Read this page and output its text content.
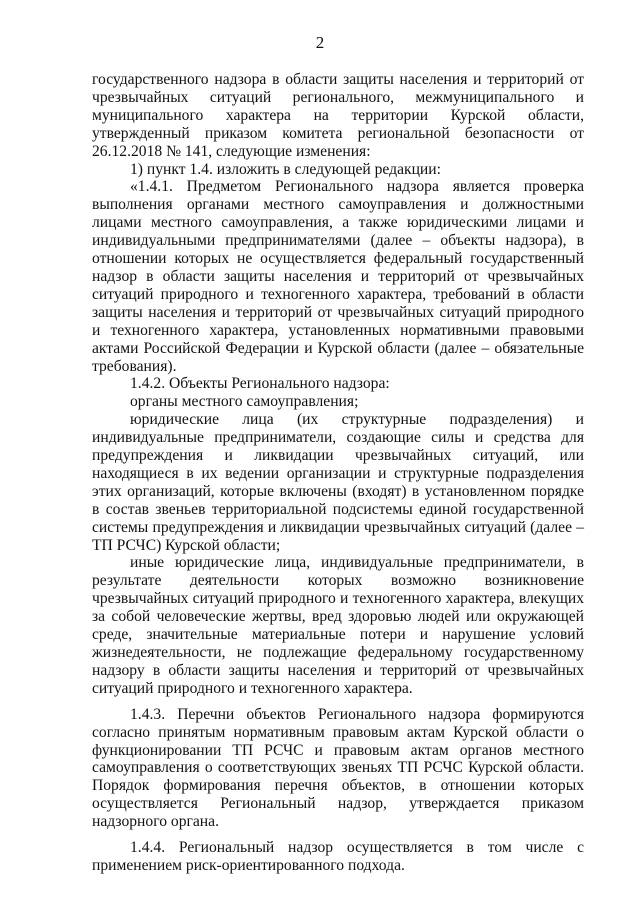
2

государственного надзора в области защиты населения и территорий от чрезвычайных ситуаций регионального, межмуниципального и муниципального характера на территории Курской области, утвержденный приказом комитета региональной безопасности от 26.12.2018 № 141, следующие изменения:

1) пункт 1.4. изложить в следующей редакции:

«1.4.1. Предметом Регионального надзора является проверка выполнения органами местного самоуправления и должностными лицами местного самоуправления, а также юридическими лицами и индивидуальными предпринимателями (далее – объекты надзора), в отношении которых не осуществляется федеральный государственный надзор в области защиты населения и территорий от чрезвычайных ситуаций природного и техногенного характера, требований в области защиты населения и территорий от чрезвычайных ситуаций природного и техногенного характера, установленных нормативными правовыми актами Российской Федерации и Курской области (далее – обязательные требования).

1.4.2. Объекты Регионального надзора:

органы местного самоуправления;

юридические лица (их структурные подразделения) и индивидуальные предприниматели, создающие силы и средства для предупреждения и ликвидации чрезвычайных ситуаций, или находящиеся в их ведении организации и структурные подразделения этих организаций, которые включены (входят) в установленном порядке в состав звеньев территориальной подсистемы единой государственной системы предупреждения и ликвидации чрезвычайных ситуаций (далее – ТП РСЧС) Курской области;

иные юридические лица, индивидуальные предприниматели, в результате деятельности которых возможно возникновение чрезвычайных ситуаций природного и техногенного характера, влекущих за собой человеческие жертвы, вред здоровью людей или окружающей среде, значительные материальные потери и нарушение условий жизнедеятельности, не подлежащие федеральному государственному надзору в области защиты населения и территорий от чрезвычайных ситуаций природного и техногенного характера.

1.4.3. Перечни объектов Регионального надзора формируются согласно принятым нормативным правовым актам Курской области о функционировании ТП РСЧС и правовым актам органов местного самоуправления о соответствующих звеньях ТП РСЧС Курской области. Порядок формирования перечня объектов, в отношении которых осуществляется Региональный надзор, утверждается приказом надзорного органа.

1.4.4. Региональный надзор осуществляется в том числе с применением риск-ориентированного подхода.
